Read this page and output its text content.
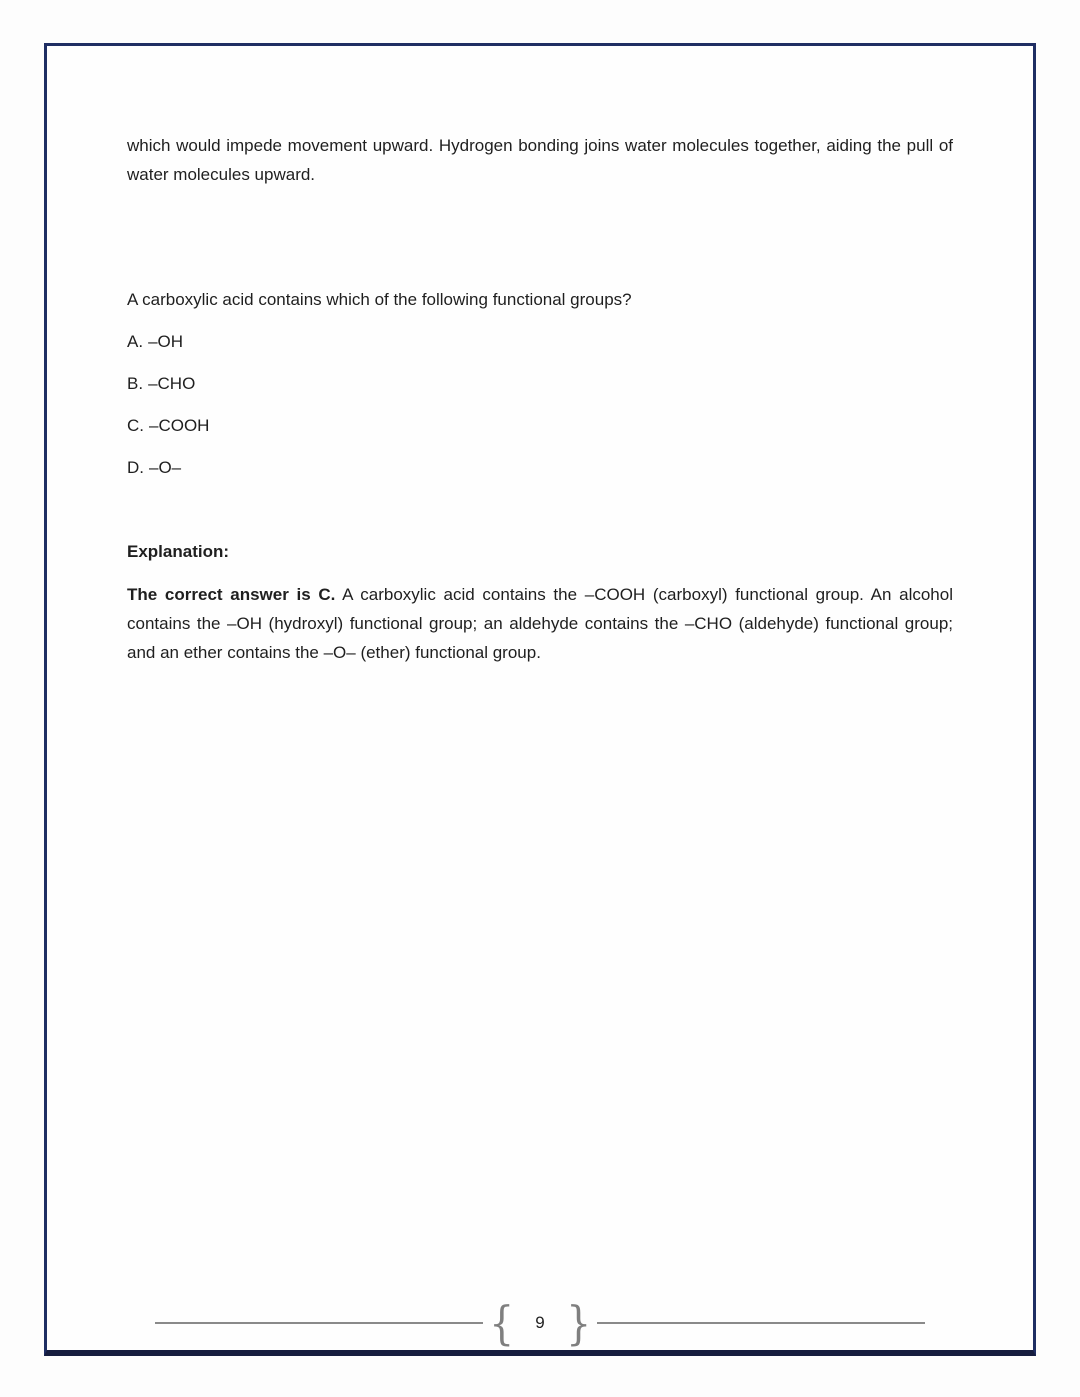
which would impede movement upward. Hydrogen bonding joins water molecules together, aiding the pull of water molecules upward.

A carboxylic acid contains which of the following functional groups?

A. –OH
B. –CHO
C. –COOH
D. –O–

Explanation:

The correct answer is C. A carboxylic acid contains the –COOH (carboxyl) functional group. An alcohol contains the –OH (hydroxyl) functional group; an aldehyde contains the –CHO (aldehyde) functional group; and an ether contains the –O– (ether) functional group.

{	9 }
